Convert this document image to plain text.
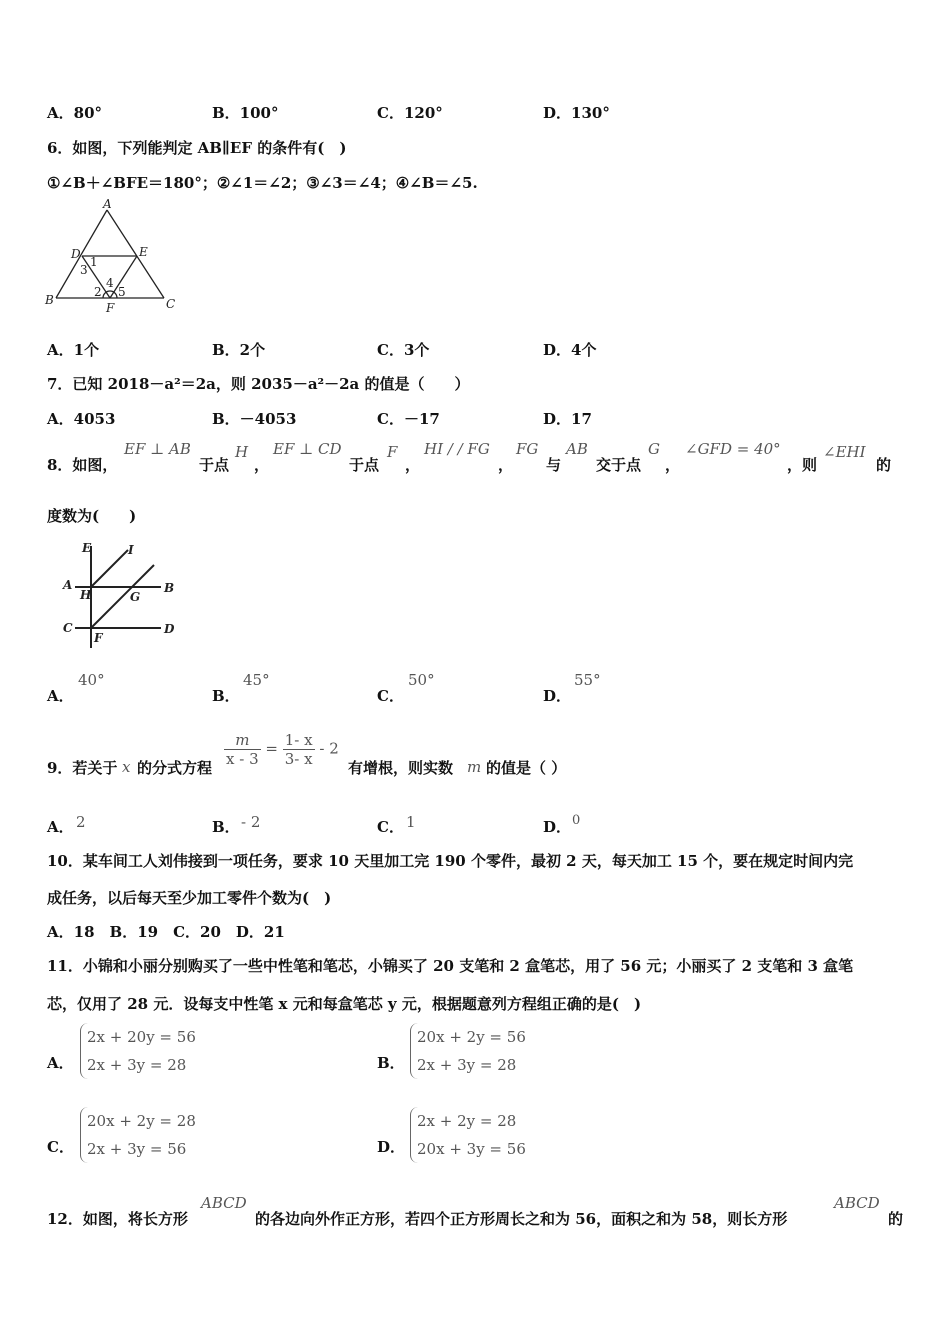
A．80°	B．100°	C．120°	D．130°
6．如图，下列能判定 AB∥EF 的条件有(　)
①∠B＋∠BFE＝180°；②∠1＝∠2；③∠3＝∠4；④∠B＝∠5.
A
D	E
1
3
4
2 5
B
F	C
A．1个	B．2个	C．3个	D．4个
7．已知 2018－a²＝2a，则 2035－a²－2a 的值是（　　）
A．4053	B．－4053	C．－17	D．17
8．如图，
EF ⊥ AB
于点
H
，
EF ⊥ CD
于点
F
，
HI / / FG
，
FG
与
AB
交于点
G
，
∠GFD = 40°
，则
∠EHI
的
度数为(　　)
E	I
A	B
H	G
C	D
F
A．
40°
B．
45°
C．
50°
D．
55°
9．若关于 x 的分式方程 $\frac{m}{x - 3} = \frac{1- x}{3- x} - 2$
有增根，则实数 m 的值是（ ）
A． 2	B． - 2	C． 1	D． 0
10．某车间工人刘伟接到一项任务，要求 10 天里加工完 190 个零件，最初 2 天，每天加工 15 个，要在规定时间内完
成任务，以后每天至少加工零件个数为(　)
A．18　B．19　C．20　D．21
11．小锦和小丽分别购买了一些中性笔和笔芯，小锦买了 20 支笔和 2 盒笔芯，用了 56 元；小丽买了 2 支笔和 3 盒笔
芯，仅用了 28 元．设每支中性笔 x 元和每盒笔芯 y 元，根据题意列方程组正确的是(　)
A．
2x + 20y = 56
2x + 3y = 28	B．
20x + 2y = 56
2x + 3y = 28
C．
20x + 2y = 28
2x + 3y = 56	D．
2x + 2y = 28
20x + 3y = 56
12．如图，将长方形
ABCD
的各边向外作正方形，若四个正方形周长之和为 56，面积之和为 58，则长方形
ABCD
的
